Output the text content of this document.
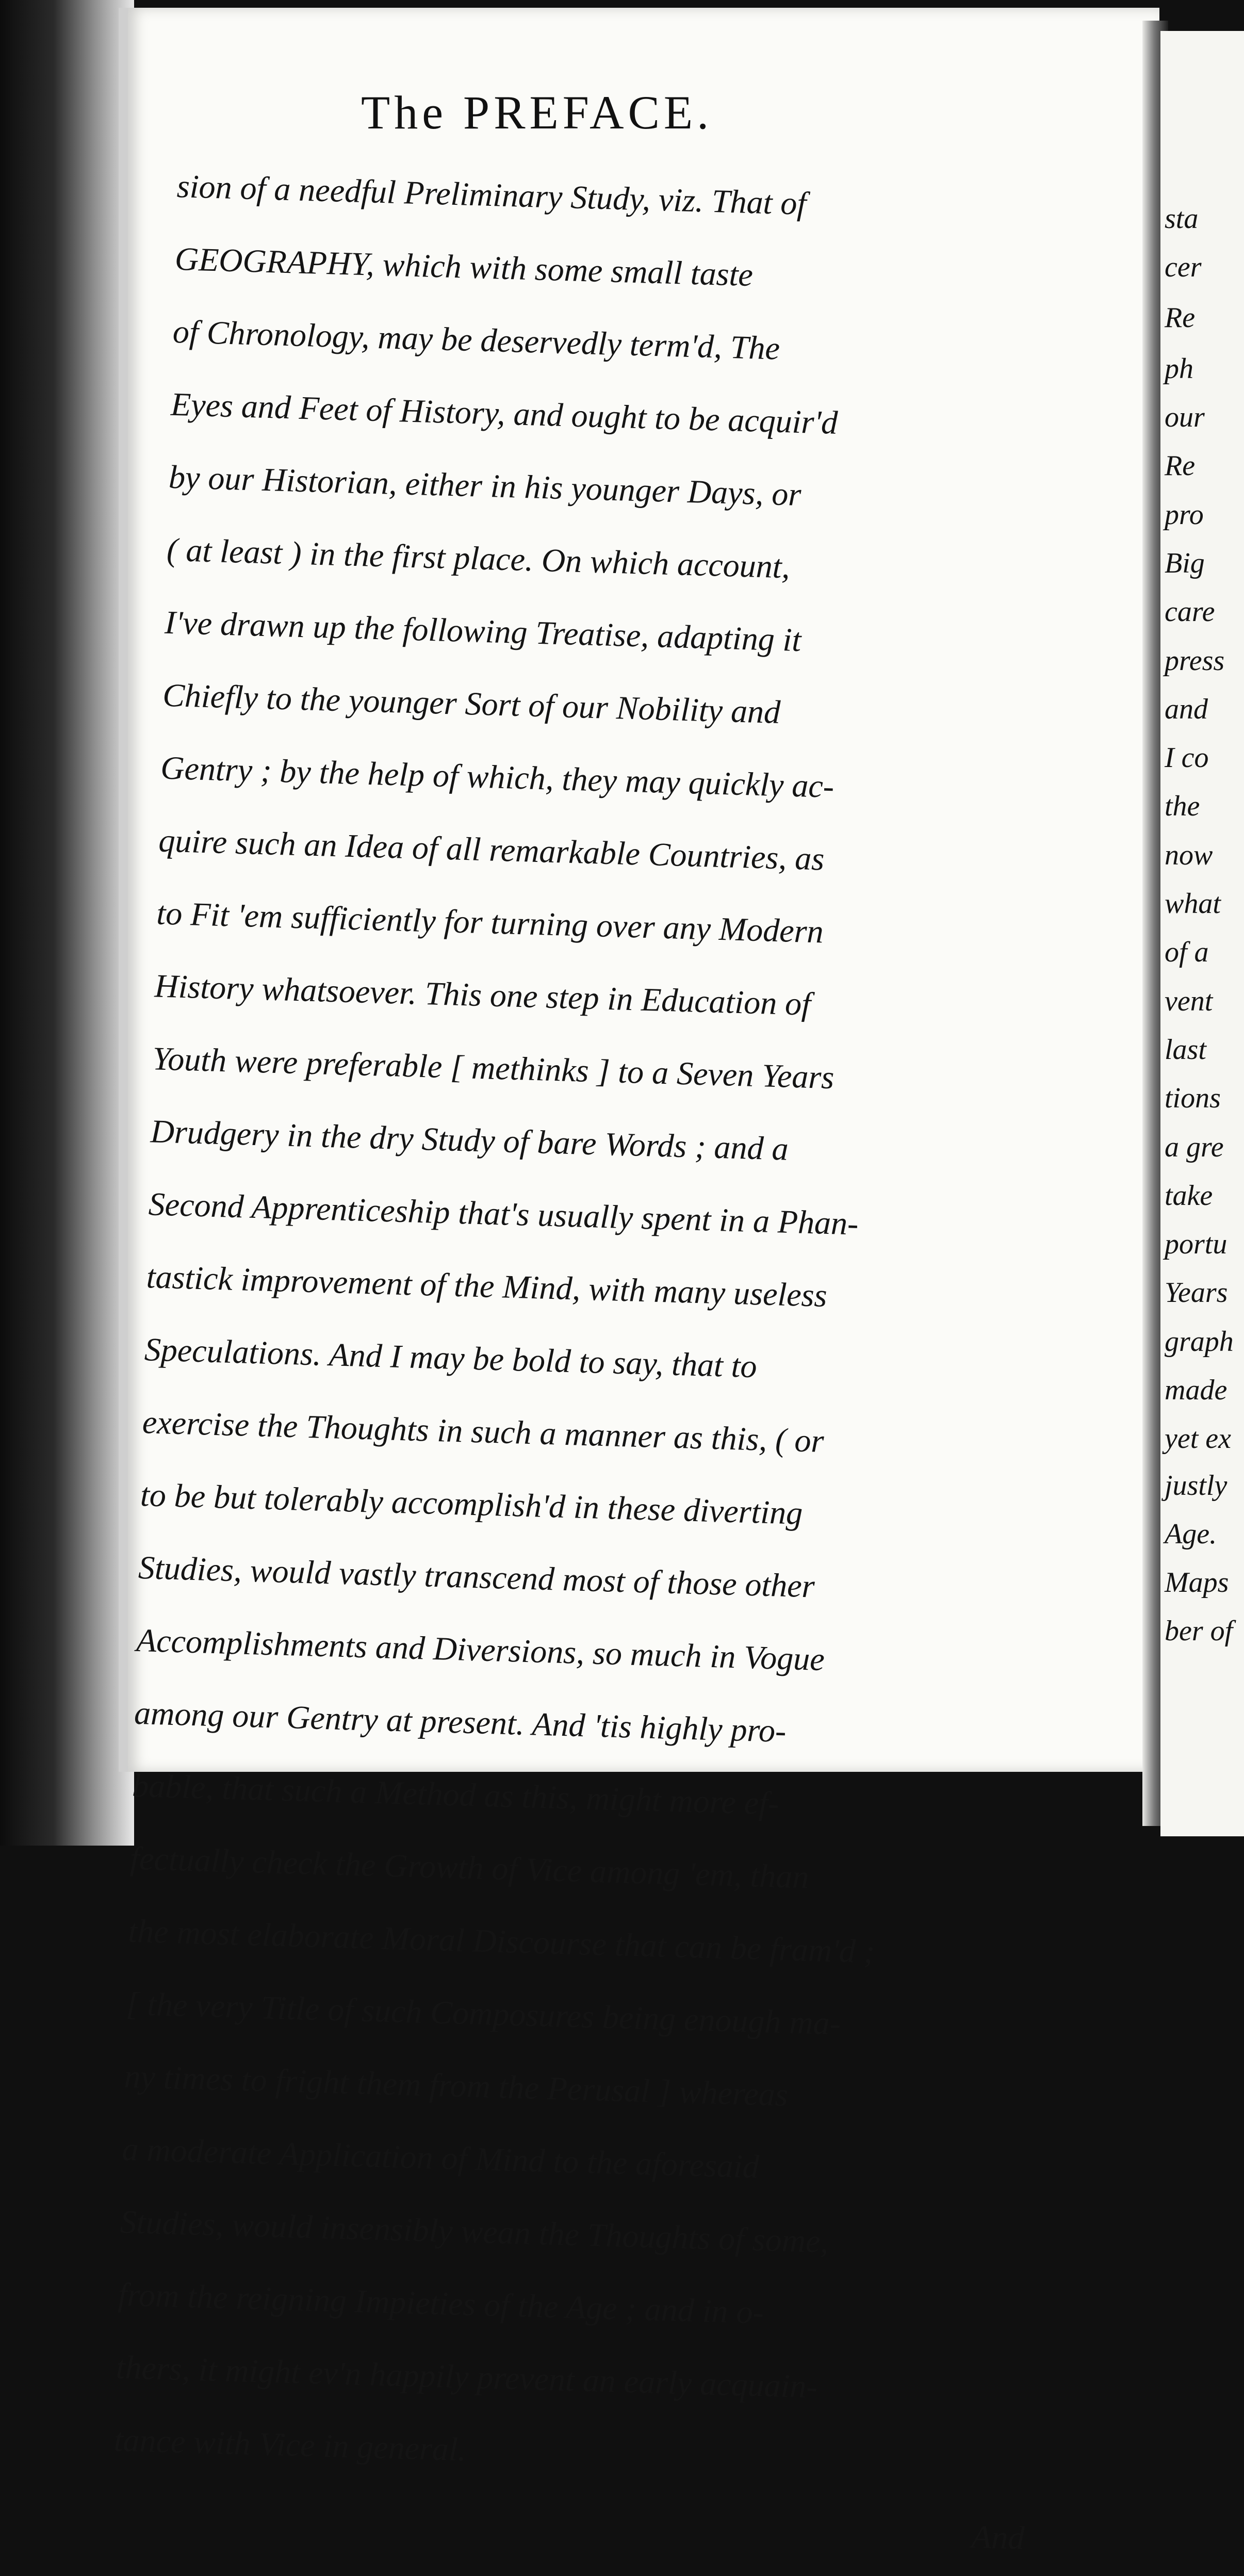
sta
cer
Re
ph
our
Re
pro
Big
care
press
and
I co
the
now
what
of a
vent
last
tions
a gre
take
portu
Years
graph
made
yet ex
justly
Age.
Maps
ber of
The PREFACE.
sion of a needful Preliminary Study, viz. That of
GEOGRAPHY, which with some small taste
of Chronology, may be deservedly term'd, The
Eyes and Feet of History, and ought to be acquir'd
by our Historian, either in his younger Days, or
( at least ) in the first place. On which account,
I've drawn up the following Treatise, adapting it
Chiefly to the younger Sort of our Nobility and
Gentry ; by the help of which, they may quickly ac-
quire such an Idea of all remarkable Countries, as
to Fit 'em sufficiently for turning over any Modern
History whatsoever. This one step in Education of
Youth were preferable [ methinks ] to a Seven Years
Drudgery in the dry Study of bare Words ; and a
Second Apprenticeship that's usually spent in a Phan-
tastick improvement of the Mind, with many useless
Speculations. And I may be bold to say, that to
exercise the Thoughts in such a manner as this, ( or
to be but tolerably accomplish'd in these diverting
Studies, would vastly transcend most of those other
Accomplishments and Diversions, so much in Vogue
among our Gentry at present. And 'tis highly pro-
bable, that such a Method as this, might more ef-
fectually check the Growth of Vice among 'em, than
the most elaborate Moral Discourse that can be fram'd ;
[ the very Title of such Composures being enough ma-
ny times to fright them from the Perusal ] whereas
a moderate Application of Mind to the aforesaid
Studies, would insensibly wean the Thoughts of some,
from the reigning Impieties of the Age ; and in o-
thers, it might ev'n happily prevent an early acquain-
tance with Vice in general.
And
